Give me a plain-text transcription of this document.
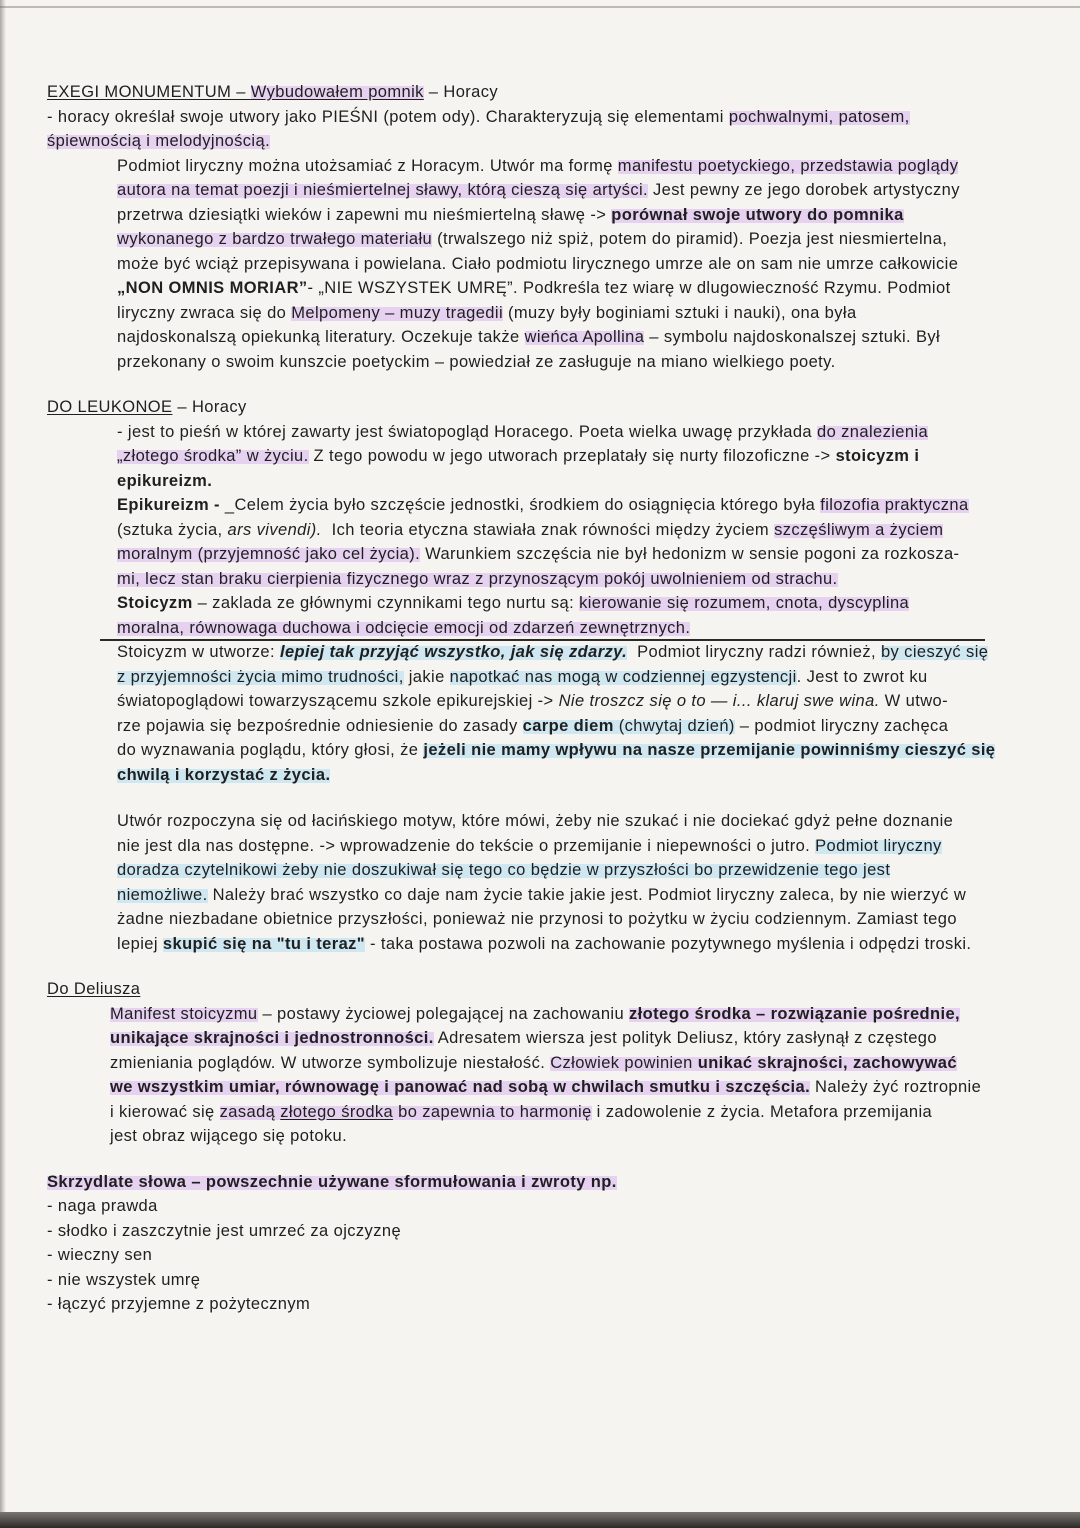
EXEGI MONUMENTUM – Wybudowałem pomnik – Horacy
- horacy określał swoje utwory jako PIEŚNI (potem ody). Charakteryzują się elementami pochwalnymi, patosem,
śpiewnością i melodyjnością.
Podmiot liryczny można utożsamiać z Horacym. Utwór ma formę manifestu poetyckiego, przedstawia poglądy
autora na temat poezji i nieśmiertelnej sławy, którą cieszą się artyści. Jest pewny ze jego dorobek artystyczny
przetrwa dziesiątki wieków i zapewni mu nieśmiertelną sławę -> porównał swoje utwory do pomnika
wykonanego z bardzo trwałego materiału (trwalszego niż spiż, potem do piramid). Poezja jest niesmiertelna,
może być wciąż przepisywana i powielana. Ciało podmiotu lirycznego umrze ale on sam nie umrze całkowicie
„NON OMNIS MORIAR”- „NIE WSZYSTEK UMRĘ”. Podkreśla tez wiarę w dlugowieczność Rzymu. Podmiot
liryczny zwraca się do Melpomeny – muzy tragedii (muzy były boginiami sztuki i nauki), ona była
najdoskonalszą opiekunką literatury. Oczekuje także wieńca Apollina – symbolu najdoskonalszej sztuki. Był
przekonany o swoim kunszcie poetyckim – powiedział ze zasługuje na miano wielkiego poety.
DO LEUKONOE – Horacy
- jest to pieśń w której zawarty jest światopogląd Horacego. Poeta wielka uwagę przykłada do znalezienia
„złotego środka” w życiu. Z tego powodu w jego utworach przeplatały się nurty filozoficzne -> stoicyzm i
epikureizm.
Epikureizm - _Celem życia było szczęście jednostki, środkiem do osiągnięcia którego była filozofia praktyczna
(sztuka życia, ars vivendi).  Ich teoria etyczna stawiała znak równości między życiem szczęśliwym a życiem
moralnym (przyjemność jako cel życia). Warunkiem szczęścia nie był hedonizm w sensie pogoni za rozkosza-
mi, lecz stan braku cierpienia fizycznego wraz z przynoszącym pokój uwolnieniem od strachu.
Stoicyzm – zaklada ze głównymi czynnikami tego nurtu są: kierowanie się rozumem, cnota, dyscyplina
moralna, równowaga duchowa i odcięcie emocji od zdarzeń zewnętrznych.
Stoicyzm w utworze: lepiej tak przyjąć wszystko, jak się zdarzy.  Podmiot liryczny radzi również, by cieszyć się
z przyjemności życia mimo trudności, jakie napotkać nas mogą w codziennej egzystencji. Jest to zwrot ku
światopoglądowi towarzyszącemu szkole epikurejskiej -> Nie troszcz się o to — i... klaruj swe wina. W utwo-
rze pojawia się bezpośrednie odniesienie do zasady carpe diem (chwytaj dzień) – podmiot liryczny zachęca
do wyznawania poglądu, który głosi, że jeżeli nie mamy wpływu na nasze przemijanie powinniśmy cieszyć się
chwilą i korzystać z życia.
Utwór rozpoczyna się od łacińskiego motyw, które mówi, żeby nie szukać i nie dociekać gdyż pełne doznanie
nie jest dla nas dostępne. -> wprowadzenie do tekście o przemijanie i niepewności o jutro. Podmiot liryczny
doradza czytelnikowi żeby nie doszukiwał się tego co będzie w przyszłości bo przewidzenie tego jest
niemożliwe. Należy brać wszystko co daje nam życie takie jakie jest. Podmiot liryczny zaleca, by nie wierzyć w
żadne niezbadane obietnice przyszłości, ponieważ nie przynosi to pożytku w życiu codziennym. Zamiast tego
lepiej skupić się na "tu i teraz" - taka postawa pozwoli na zachowanie pozytywnego myślenia i odpędzi troski.
Do Deliusza
Manifest stoicyzmu – postawy życiowej polegającej na zachowaniu złotego środka – rozwiązanie pośrednie,
unikające skrajności i jednostronności. Adresatem wiersza jest polityk Deliusz, który zasłynął z częstego
zmieniania poglądów. W utworze symbolizuje niestałość. Człowiek powinien unikać skrajności, zachowywać
we wszystkim umiar, równowagę i panować nad sobą w chwilach smutku i szczęścia. Należy żyć roztropnie
i kierować się zasadą złotego środka bo zapewnia to harmonię i zadowolenie z życia. Metafora przemijania
jest obraz wijącego się potoku.
Skrzydlate słowa – powszechnie używane sformułowania i zwroty np.
- naga prawda
- słodko i zaszczytnie jest umrzeć za ojczyznę
- wieczny sen
- nie wszystek umrę
- łączyć przyjemne z pożytecznym
